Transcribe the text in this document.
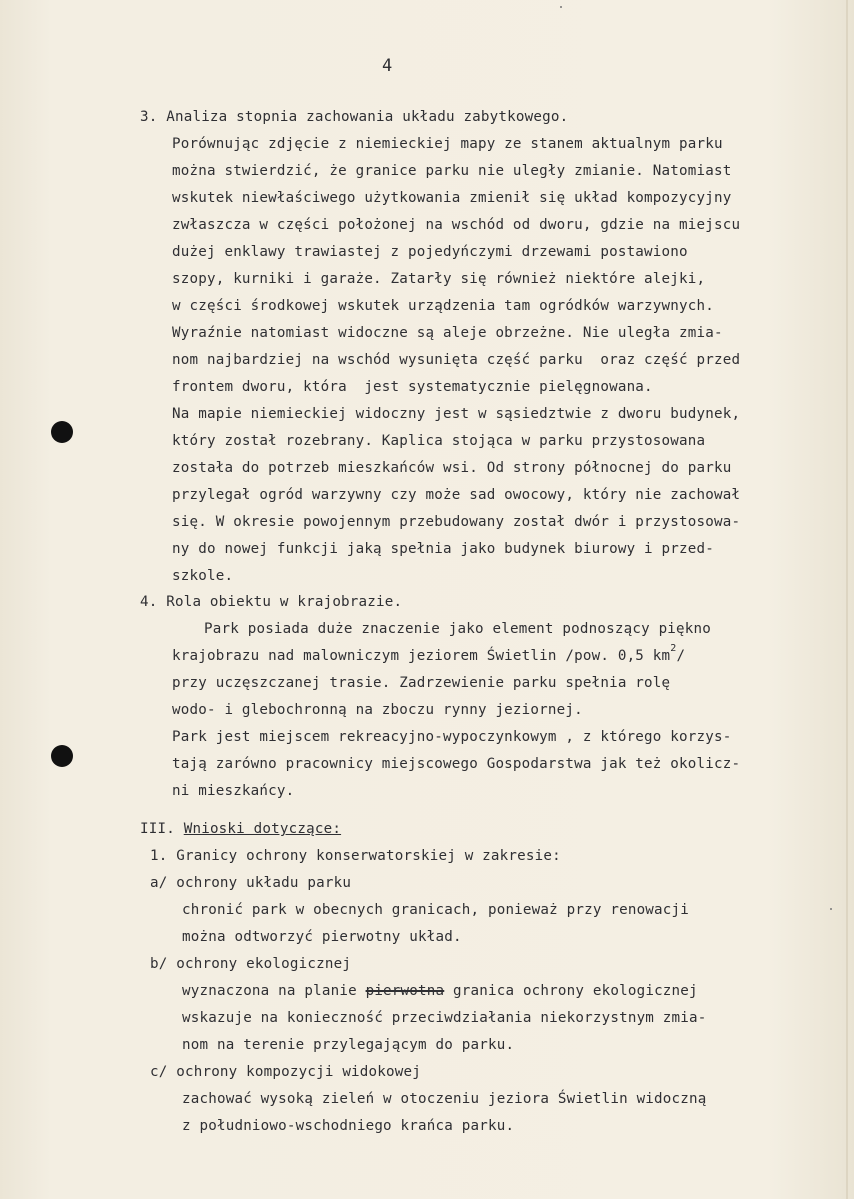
4
3. Analiza stopnia zachowania układu zabytkowego.
Porównując zdjęcie z niemieckiej mapy ze stanem aktualnym parku
można stwierdzić, że granice parku nie uległy zmianie. Natomiast
wskutek niewłaściwego użytkowania zmienił się układ kompozycyjny
zwłaszcza w części położonej na wschód od dworu, gdzie na miejscu
dużej enklawy trawiastej z pojedyńczymi drzewami postawiono
szopy, kurniki i garaże. Zatarły się również niektóre alejki,
w części środkowej wskutek urządzenia tam ogródków warzywnych.
Wyraźnie natomiast widoczne są aleje obrzeżne. Nie uległa zmia-
nom najbardziej na wschód wysunięta część parku  oraz część przed
frontem dworu, która  jest systematycznie pielęgnowana.
Na mapie niemieckiej widoczny jest w sąsiedztwie z dworu budynek,
który został rozebrany. Kaplica stojąca w parku przystosowana
została do potrzeb mieszkańców wsi. Od strony północnej do parku
przylegał ogród warzywny czy może sad owocowy, który nie zachował
się. W okresie powojennym przebudowany został dwór i przystosowa-
ny do nowej funkcji jaką spełnia jako budynek biurowy i przed-
szkole.
4. Rola obiektu w krajobrazie.
Park posiada duże znaczenie jako element podnoszący piękno
krajobrazu nad malowniczym jeziorem Świetlin /pow. 0,5 $km^2/$
przy uczęszczanej trasie. Zadrzewienie parku spełnia rolę
wodo- i glebochronną na zboczu rynny jeziornej.
Park jest miejscem rekreacyjno-wypoczynkowym , z którego korzys-
tają zarówno pracownicy miejscowego Gospodarstwa jak też okolicz-
ni mieszkańcy.
III. Wnioski dotyczące:
1. Granicy ochrony konserwatorskiej w zakresie:
a/ ochrony układu parku
chronić park w obecnych granicach, ponieważ przy renowacji
można odtworzyć pierwotny układ.
b/ ochrony ekologicznej
wyznaczona na planie pierwotna granica ochrony ekologicznej
wskazuje na konieczność przeciwdziałania niekorzystnym zmia-
nom na terenie przylegającym do parku.
c/ ochrony kompozycji widokowej
zachować wysoką zieleń w otoczeniu jeziora Świetlin widoczną
z południowo-wschodniego krańca parku.
